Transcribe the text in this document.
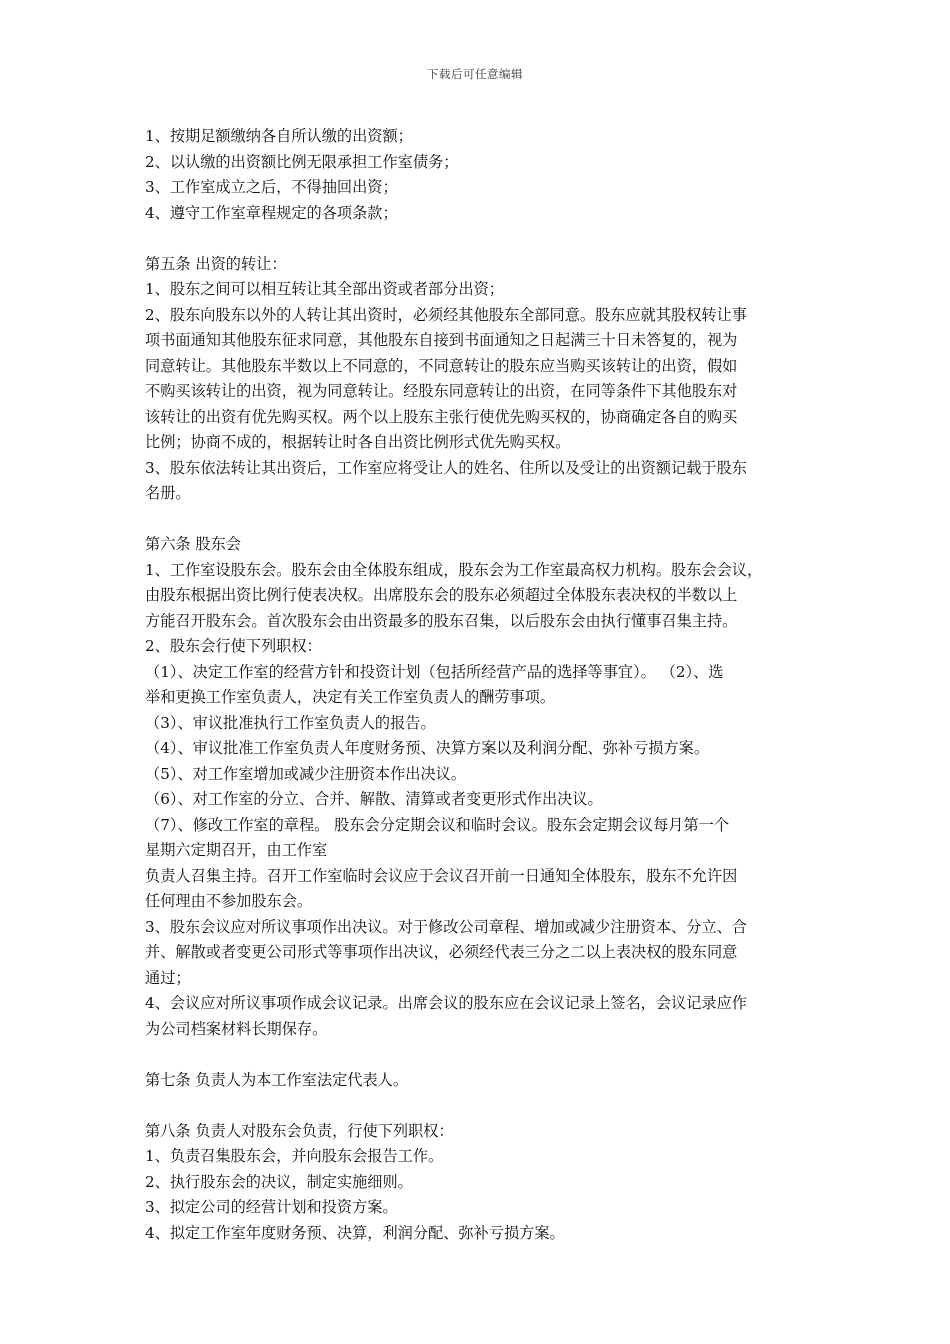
下载后可任意编辑
1、按期足额缴纳各自所认缴的出资额；
2、以认缴的出资额比例无限承担工作室债务；
3、工作室成立之后，不得抽回出资；
4、遵守工作室章程规定的各项条款；
第五条 出资的转让：
1、股东之间可以相互转让其全部出资或者部分出资；
2、股东向股东以外的人转让其出资时，必须经其他股东全部同意。股东应就其股权转让事
项书面通知其他股东征求同意，其他股东自接到书面通知之日起满三十日未答复的，视为
同意转让。其他股东半数以上不同意的，不同意转让的股东应当购买该转让的出资，假如
不购买该转让的出资，视为同意转让。经股东同意转让的出资，在同等条件下其他股东对
该转让的出资有优先购买权。两个以上股东主张行使优先购买权的，协商确定各自的购买
比例；协商不成的，根据转让时各自出资比例形式优先购买权。
3、股东依法转让其出资后，工作室应将受让人的姓名、住所以及受让的出资额记载于股东
名册。
第六条 股东会
1、工作室设股东会。股东会由全体股东组成，股东会为工作室最高权力机构。股东会会议，
由股东根据出资比例行使表决权。出席股东会的股东必须超过全体股东表决权的半数以上
方能召开股东会。首次股东会由出资最多的股东召集，以后股东会由执行懂事召集主持。
2、股东会行使下列职权：
（1）、决定工作室的经营方针和投资计划（包括所经营产品的选择等事宜）。 （2）、选
举和更换工作室负责人，决定有关工作室负责人的酬劳事项。
（3）、审议批准执行工作室负责人的报告。
（4）、审议批准工作室负责人年度财务预、决算方案以及利润分配、弥补亏损方案。
（5）、对工作室增加或减少注册资本作出决议。
（6）、对工作室的分立、合并、解散、清算或者变更形式作出决议。
（7）、修改工作室的章程。 股东会分定期会议和临时会议。股东会定期会议每月第一个
星期六定期召开，由工作室
负责人召集主持。召开工作室临时会议应于会议召开前一日通知全体股东，股东不允许因
任何理由不参加股东会。
3、股东会议应对所议事项作出决议。对于修改公司章程、增加或减少注册资本、分立、合
并、解散或者变更公司形式等事项作出决议，必须经代表三分之二以上表决权的股东同意
通过；
4、会议应对所议事项作成会议记录。出席会议的股东应在会议记录上签名，会议记录应作
为公司档案材料长期保存。
第七条 负责人为本工作室法定代表人。
第八条 负责人对股东会负责，行使下列职权：
1、负责召集股东会，并向股东会报告工作。
2、执行股东会的决议，制定实施细则。
3、拟定公司的经营计划和投资方案。
4、拟定工作室年度财务预、决算，利润分配、弥补亏损方案。
